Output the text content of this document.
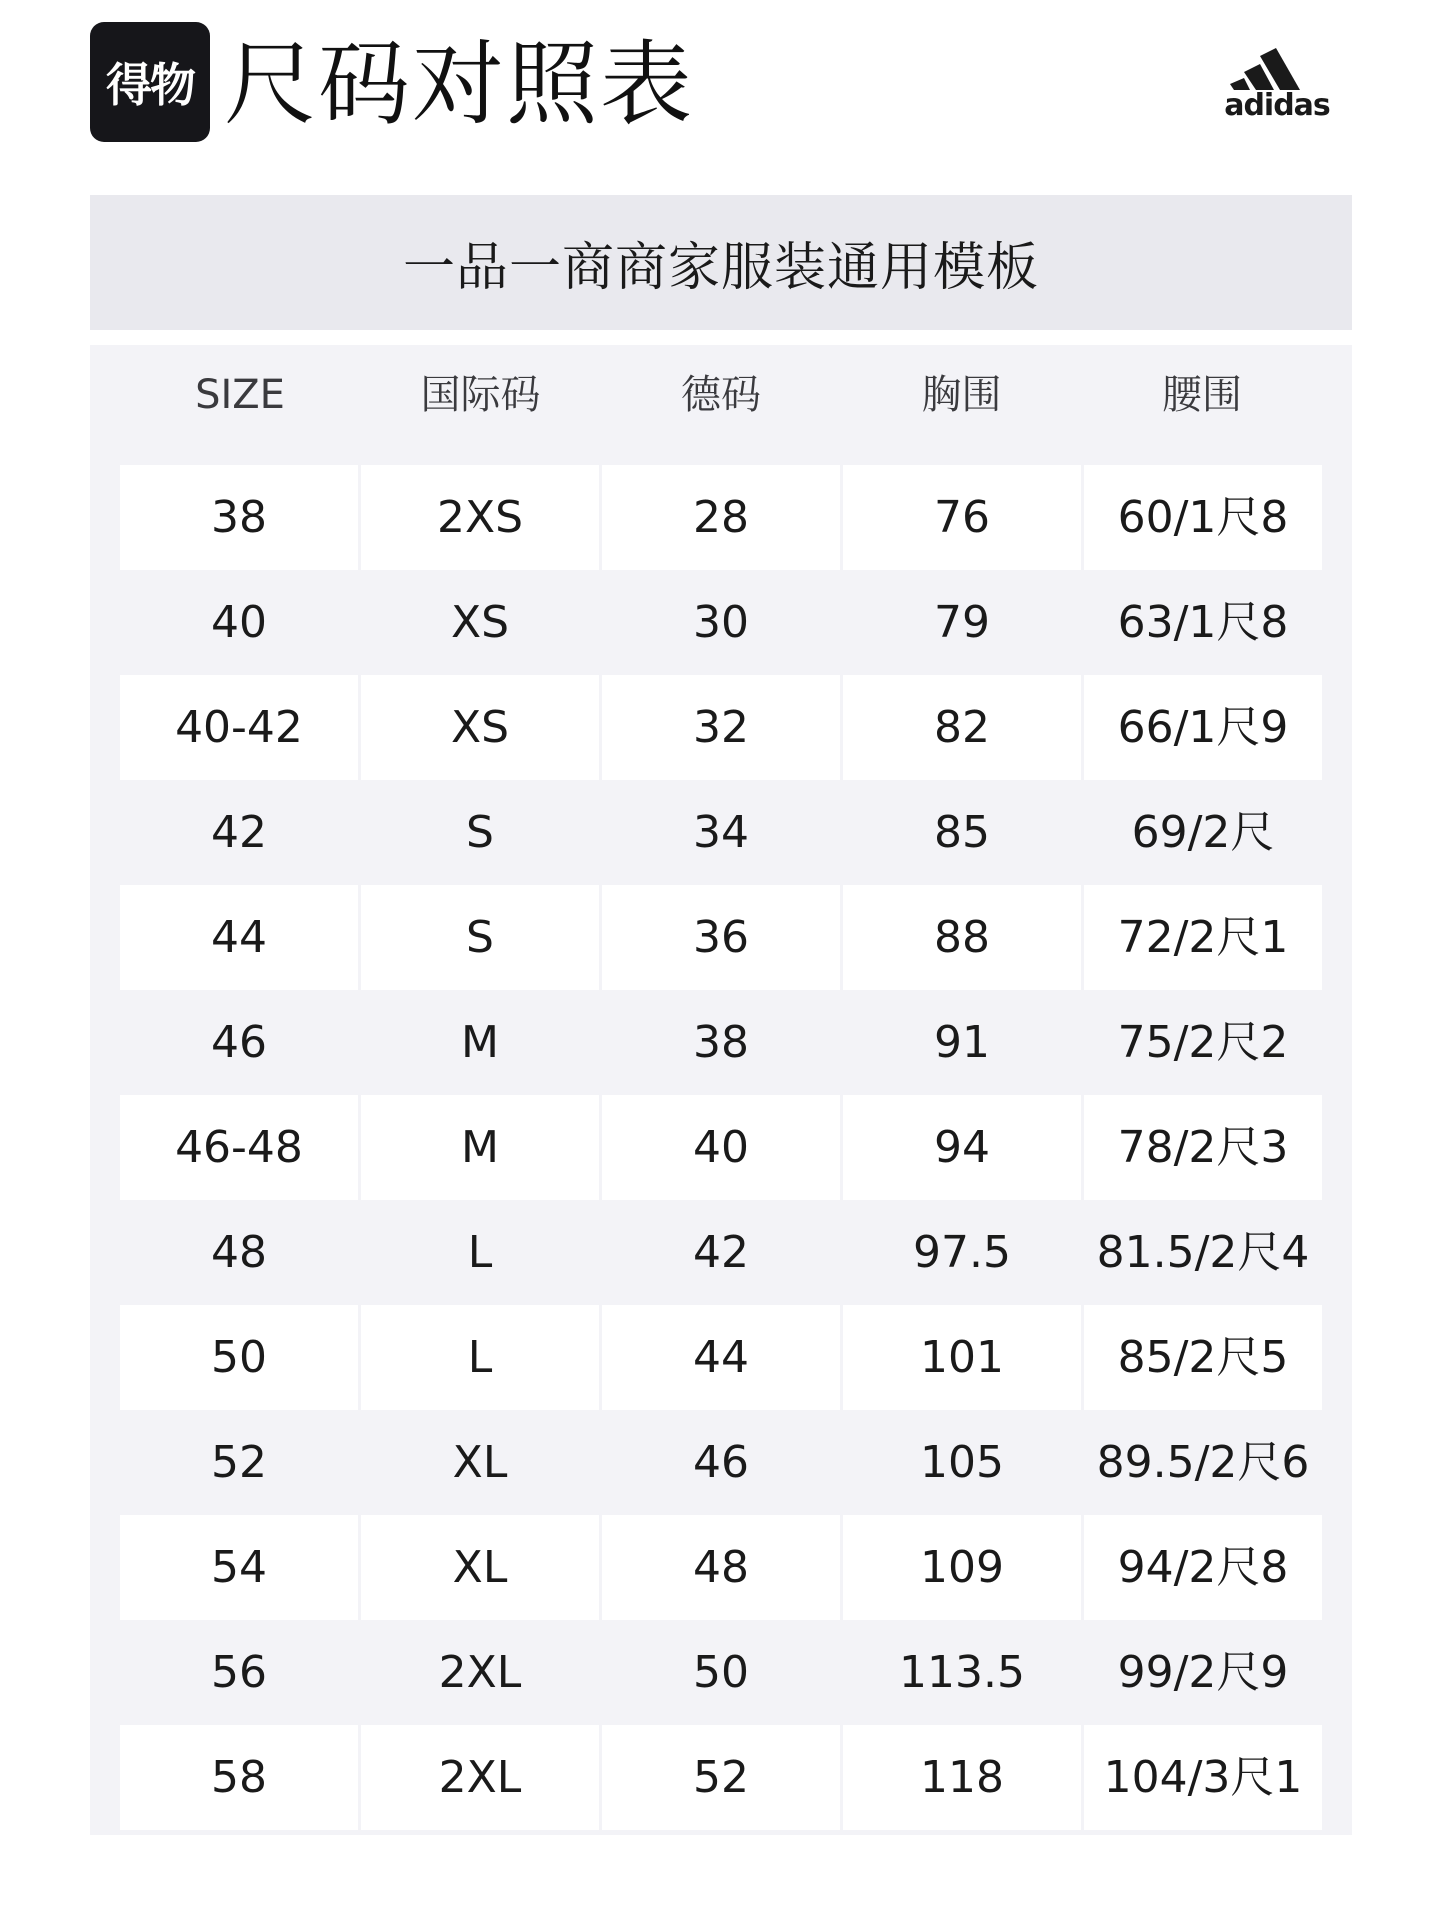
得物 尺码对照表	adidas
一品一商商家服装通用模板
SIZE	国际码	德码	胸围	腰围
38	2XS	28	76	60/1尺8
40	XS	30	79	63/1尺8
40-42	XS	32	82	66/1尺9
42	S	34	85	69/2尺
44	S	36	88	72/2尺1
46	M	38	91	75/2尺2
46-48	M	40	94	78/2尺3
48	L	42	97.5	81.5/2尺4
50	L	44	101	85/2尺5
52	XL	46	105	89.5/2尺6
54	XL	48	109	94/2尺8
56	2XL	50	113.5	99/2尺9
58	2XL	52	118	104/3尺1
